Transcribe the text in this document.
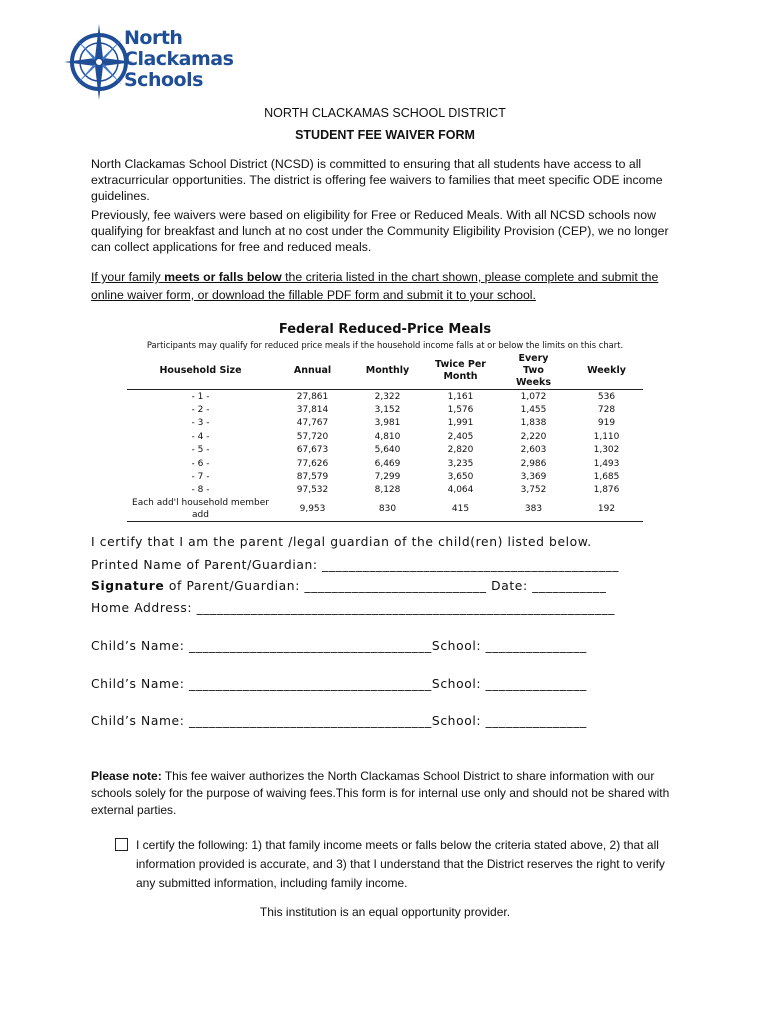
North
Clackamas
Schools
NORTH CLACKAMAS SCHOOL DISTRICT
STUDENT FEE WAIVER FORM

North Clackamas School District (NCSD) is committed to ensuring that all students have access to all extracurricular opportunities. The district is offering fee waivers to families that meet specific ODE income guidelines.

Previously, fee waivers were based on eligibility for Free or Reduced Meals. With all NCSD schools now qualifying for breakfast and lunch at no cost under the Community Eligibility Provision (CEP), we no longer can collect applications for free and reduced meals.

If your family meets or falls below the criteria listed in the chart shown, please complete and submit the online waiver form, or download the fillable PDF form and submit it to your school.

Federal Reduced-Price Meals
Participants may qualify for reduced price meals if the household income falls at or below the limits on this chart.
Household Size	Annual	Monthly	Twice Per Month	Every Two Weeks	Weekly
- 1 -	27,861	2,322	1,161	1,072	536
- 2 -	37,814	3,152	1,576	1,455	728
- 3 -	47,767	3,981	1,991	1,838	919
- 4 -	57,720	4,810	2,405	2,220	1,110
- 5 -	67,673	5,640	2,820	2,603	1,302
- 6 -	77,626	6,469	3,235	2,986	1,493
- 7 -	87,579	7,299	3,650	3,369	1,685
- 8 -	97,532	8,128	4,064	3,752	1,876
Each add'l household member add	9,953	830	415	383	192
I certify that I am the parent /legal guardian of the child(ren) listed below.
Printed Name of Parent/Guardian: ____________________________________________
Signature of Parent/Guardian: ___________________________ Date: ___________
Home Address: ______________________________________________________________
Child’s Name: ____________________________________School: _______________
Child’s Name: ____________________________________School: _______________
Child’s Name: ____________________________________School: _______________
Please note: This fee waiver authorizes the North Clackamas School District to share information with our schools solely for the purpose of waiving fees.This form is for internal use only and should not be shared with external parties.
I certify the following: 1) that family income meets or falls below the criteria stated above, 2) that all information provided is accurate, and 3) that I understand that the District reserves the right to verify any submitted information, including family income.
This institution is an equal opportunity provider.
